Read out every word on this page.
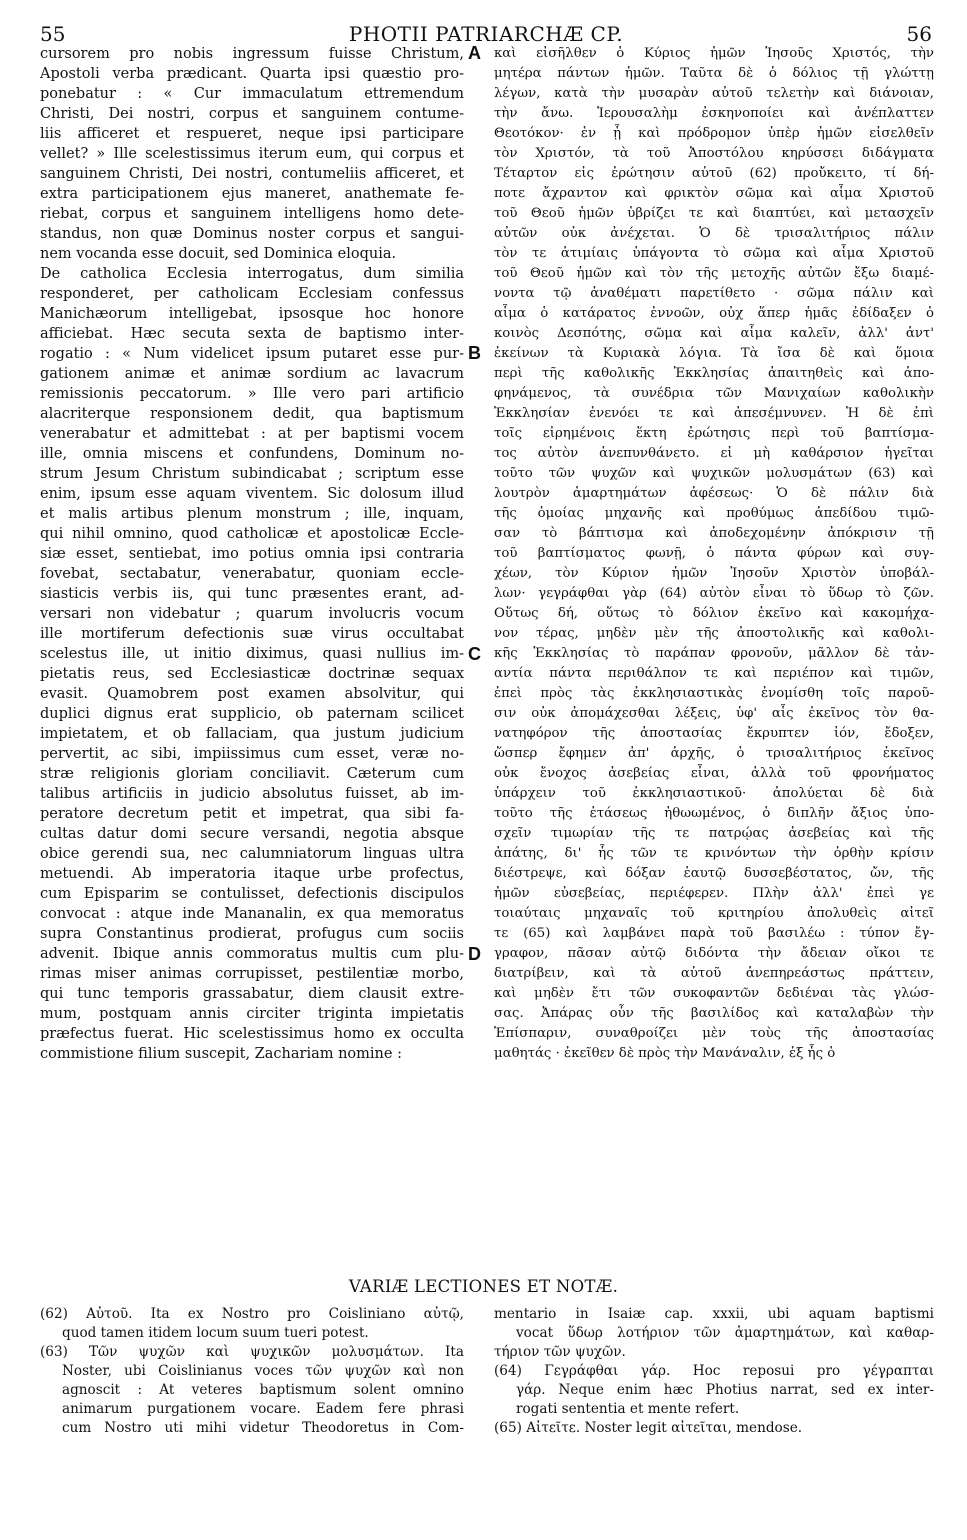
55	PHOTII PATRIARCHÆ CP.	56
cursorem pro nobis ingressum fuisse Christum,
Apostoli verba prædicant. Quarta ipsi quæstio pro-
ponebatur : « Cur immaculatum ettremendum
Christi, Dei nostri, corpus et sanguinem contume-
liis afficeret et respueret, neque ipsi participare
vellet? » Ille scelestissimus iterum eum, qui corpus et
sanguinem Christi, Dei nostri, contumeliis afficeret, et
extra participationem ejus maneret, anathemate fe-
riebat, corpus et sanguinem intelligens homo dete-
standus, non quæ Dominus noster corpus et sangui-
nem vocanda esse docuit, sed Dominica eloquia.
De catholica Ecclesia interrogatus, dum similia
responderet, per catholicam Ecclesiam confessus
Manichæorum intelligebat, ipsosque hoc honore
afficiebat. Hæc secuta sexta de baptismo inter-
rogatio : « Num videlicet ipsum putaret esse pur-
gationem animæ et animæ sordium ac lavacrum
remissionis peccatorum. » Ille vero pari artificio
alacriterque responsionem dedit, qua baptismum
venerabatur et admittebat : at per baptismi vocem
ille, omnia miscens et confundens, Dominum no-
strum Jesum Christum subindicabat ; scriptum esse
enim, ipsum esse aquam viventem. Sic dolosum illud
et malis artibus plenum monstrum ; ille, inquam,
qui nihil omnino, quod catholicæ et apostolicæ Eccle-
siæ esset, sentiebat, imo potius omnia ipsi contraria
fovebat, sectabatur, venerabatur, quoniam eccle-
siasticis verbis iis, qui tunc præsentes erant, ad-
versari non videbatur ; quarum involucris vocum
ille mortiferum defectionis suæ virus occultabat
scelestus ille, ut initio diximus, quasi nullius im-
pietatis reus, sed Ecclesiasticæ doctrinæ sequax
evasit. Quamobrem post examen absolvitur, qui
duplici dignus erat supplicio, ob paternam scilicet
impietatem, et ob fallaciam, qua justum judicium
pervertit, ac sibi, impiissimus cum esset, veræ no-
stræ religionis gloriam conciliavit. Cæterum cum
talibus artificiis in judicio absolutus fuisset, ab im-
peratore decretum petit et impetrat, qua sibi fa-
cultas datur domi secure versandi, negotia absque
obice gerendi sua, nec calumniatorum linguas ultra
metuendi. Ab imperatoria itaque urbe profectus,
cum Episparim se contulisset, defectionis discipulos
convocat : atque inde Mananalin, ex qua memoratus
supra Constantinus prodierat, profugus cum sociis
advenit. Ibique annis commoratus multis cum plu-
rimas miser animas corrupisset, pestilentiæ morbo,
qui tunc temporis grassabatur, diem clausit extre-
mum, postquam annis circiter triginta impietatis
præfectus fuerat. Hic scelestissimus homo ex occulta
commistione filium suscepit, Zachariam nomine :
καὶ εἰσῆλθεν ὁ Κύριος ἡμῶν Ἰησοῦς Χριστός, τὴν
μητέρα πάντων ἡμῶν. Ταῦτα δὲ ὁ δόλιος τῇ γλώττῃ
λέγων, κατὰ τὴν μυσαρὰν αὐτοῦ τελετὴν καὶ διάνοιαν,
τὴν ἄνω. Ἱερουσαλὴμ ἐσκηνοποίει καὶ ἀνέπλαττεν
Θεοτόκον· ἐν ᾗ καὶ πρόδρομον ὑπὲρ ἡμῶν εἰσελθεῖν
τὸν Χριστόν, τὰ τοῦ Ἀποστόλου κηρύσσει διδάγματα
Τέταρτον εἰς ἐρώτησιν αὐτοῦ (62) προὔκειτο, τί δή-
ποτε ἄχραντον καὶ φρικτὸν σῶμα καὶ αἷμα Χριστοῦ
τοῦ Θεοῦ ἡμῶν ὑβρίζει τε καὶ διαπτύει, καὶ μετασχεῖν
αὐτῶν οὐκ ἀνέχεται. Ὁ δὲ τρισαλιτήριος πάλιν
τὸν τε ἀτιμίαις ὑπάγοντα τὸ σῶμα καὶ αἷμα Χριστοῦ
τοῦ Θεοῦ ἡμῶν καὶ τὸν τῆς μετοχῆς αὐτῶν ἔξω διαμέ-
νοντα τῷ ἀναθέματι παρετίθετο · σῶμα πάλιν καὶ
αἷμα ὁ κατάρατος ἐννοῶν, οὐχ ἅπερ ἡμᾶς ἐδίδαξεν ὁ
κοινὸς Δεσπότης, σῶμα καὶ αἷμα καλεῖν, ἀλλ' ἀντ'
ἐκείνων τὰ Κυριακὰ λόγια. Τὰ ἴσα δὲ καὶ ὅμοια
περὶ τῆς καθολικῆς Ἐκκλησίας ἀπαιτηθεὶς καὶ ἀπο-
φηνάμενος, τὰ συνέδρια τῶν Μανιχαίων καθολικὴν
Ἐκκλησίαν ἐνενόει τε καὶ ἀπεσέμνυνεν. Ἡ δὲ ἐπὶ
τοῖς εἰρημένοις ἕκτη ἐρώτησις περὶ τοῦ βαπτίσμα-
τος αὐτὸν ἀνεπυνθάνετο. εἰ μὴ καθάρσιον ἡγεῖται
τοῦτο τῶν ψυχῶν καὶ ψυχικῶν μολυσμάτων (63) καὶ
λουτρὸν ἁμαρτημάτων ἀφέσεως· Ὁ δὲ πάλιν διὰ
τῆς ὁμοίας μηχανῆς καὶ προθύμως ἀπεδίδου τιμῶ-
σαν τὸ βάπτισμα καὶ ἀποδεχομένην ἀπόκρισιν τῇ
τοῦ βαπτίσματος φωνῇ, ὁ πάντα φύρων καὶ συγ-
χέων, τὸν Κύριον ἡμῶν Ἰησοῦν Χριστὸν ὑποβάλ-
λων· γεγράφθαι γὰρ (64) αὐτὸν εἶναι τὸ ὕδωρ τὸ ζῶν.
Οὕτως δή, οὕτως τὸ δόλιον ἐκεῖνο καὶ κακομήχα-
νον τέρας, μηδὲν μὲν τῆς ἀποστολικῆς καὶ καθολι-
κῆς Ἐκκλησίας τὸ παράπαν φρονοῦν, μᾶλλον δὲ τἀν-
αντία πάντα περιθάλπον τε καὶ περιέπον καὶ τιμῶν,
ἐπεὶ πρὸς τὰς ἐκκλησιαστικὰς ἐνομίσθη τοῖς παροῦ-
σιν οὐκ ἀπομάχεσθαι λέξεις, ὑφ' αἷς ἐκεῖνος τὸν θα-
νατηφόρον τῆς ἀποστασίας ἔκρυπτεν ἰόν, ἔδοξεν,
ὥσπερ ἔφημεν ἀπ' ἀρχῆς, ὁ τρισαλιτήριος ἐκεῖνος
οὐκ ἔνοχος ἀσεβείας εἶναι, ἀλλὰ τοῦ φρονήματος
ὑπάρχειν τοῦ ἐκκλησιαστικοῦ· ἀπολύεται δὲ διὰ
τοῦτο τῆς ἐτάσεως ἠθωωμένος, ὁ διπλῆν ἄξιος ὑπο-
σχεῖν τιμωρίαν τῆς τε πατρῴας ἀσεβείας καὶ τῆς
ἀπάτης, δι' ἧς τῶν τε κρινόντων τὴν ὀρθὴν κρίσιν
διέστρεψε, καὶ δόξαν ἑαυτῷ δυσσεβέστατος, ὤν, τῆς
ἡμῶν εὐσεβείας, περιέφερεν. Πλὴν ἀλλ' ἐπεὶ γε
τοιαύταις μηχαναῖς τοῦ κριτηρίου ἀπολυθεὶς αἰτεῖ
τε (65) καὶ λαμβάνει παρὰ τοῦ βασιλέω : τύπον ἔγ-
γραφον, πᾶσαν αὐτῷ διδόντα τὴν ἄδειαν οἴκοι τε
διατρίβειν, καὶ τὰ αὐτοῦ ἀνεπηρεάστως πράττειν,
καὶ μηδὲν ἔτι τῶν συκοφαντῶν δεδιέναι τὰς γλώσ-
σας. Ἀπάρας οὖν τῆς βασιλίδος καὶ καταλαβὼν τὴν
Ἐπίσπαριν, συναθροίζει μὲν τοὺς τῆς ἀποστασίας
μαθητάς · ἐκεῖθεν δὲ πρὸς τὴν Μανάναλιν, ἐξ ἧς ὁ
A
B
C
D
VARIÆ LECTIONES ET NOTÆ.
(62) Αὐτοῦ. Ita ex Nostro pro Coisliniano αὐτῷ,
quod tamen itidem locum suum tueri potest.
(63) Τῶν ψυχῶν καὶ ψυχικῶν μολυσμάτων. Ita
Noster, ubi Coislinianus voces τῶν ψυχῶν καὶ non
agnoscit : At veteres baptismum solent omnino
animarum purgationem vocare. Eadem fere phrasi
cum Nostro uti mihi videtur Theodoretus in Com-
mentario in Isaiæ cap. xxxii, ubi aquam baptismi
vocat ὕδωρ λοτήριον τῶν ἁμαρτημάτων, καὶ καθαρ-
τήριον τῶν ψυχῶν.
(64) Γεγράφθαι γάρ. Hoc reposui pro γέγραπται
γάρ. Neque enim hæc Photius narrat, sed ex inter-
rogati sententia et mente refert.
(65) Αἰτεῖτε. Noster legit αἰτεῖται, mendose.
